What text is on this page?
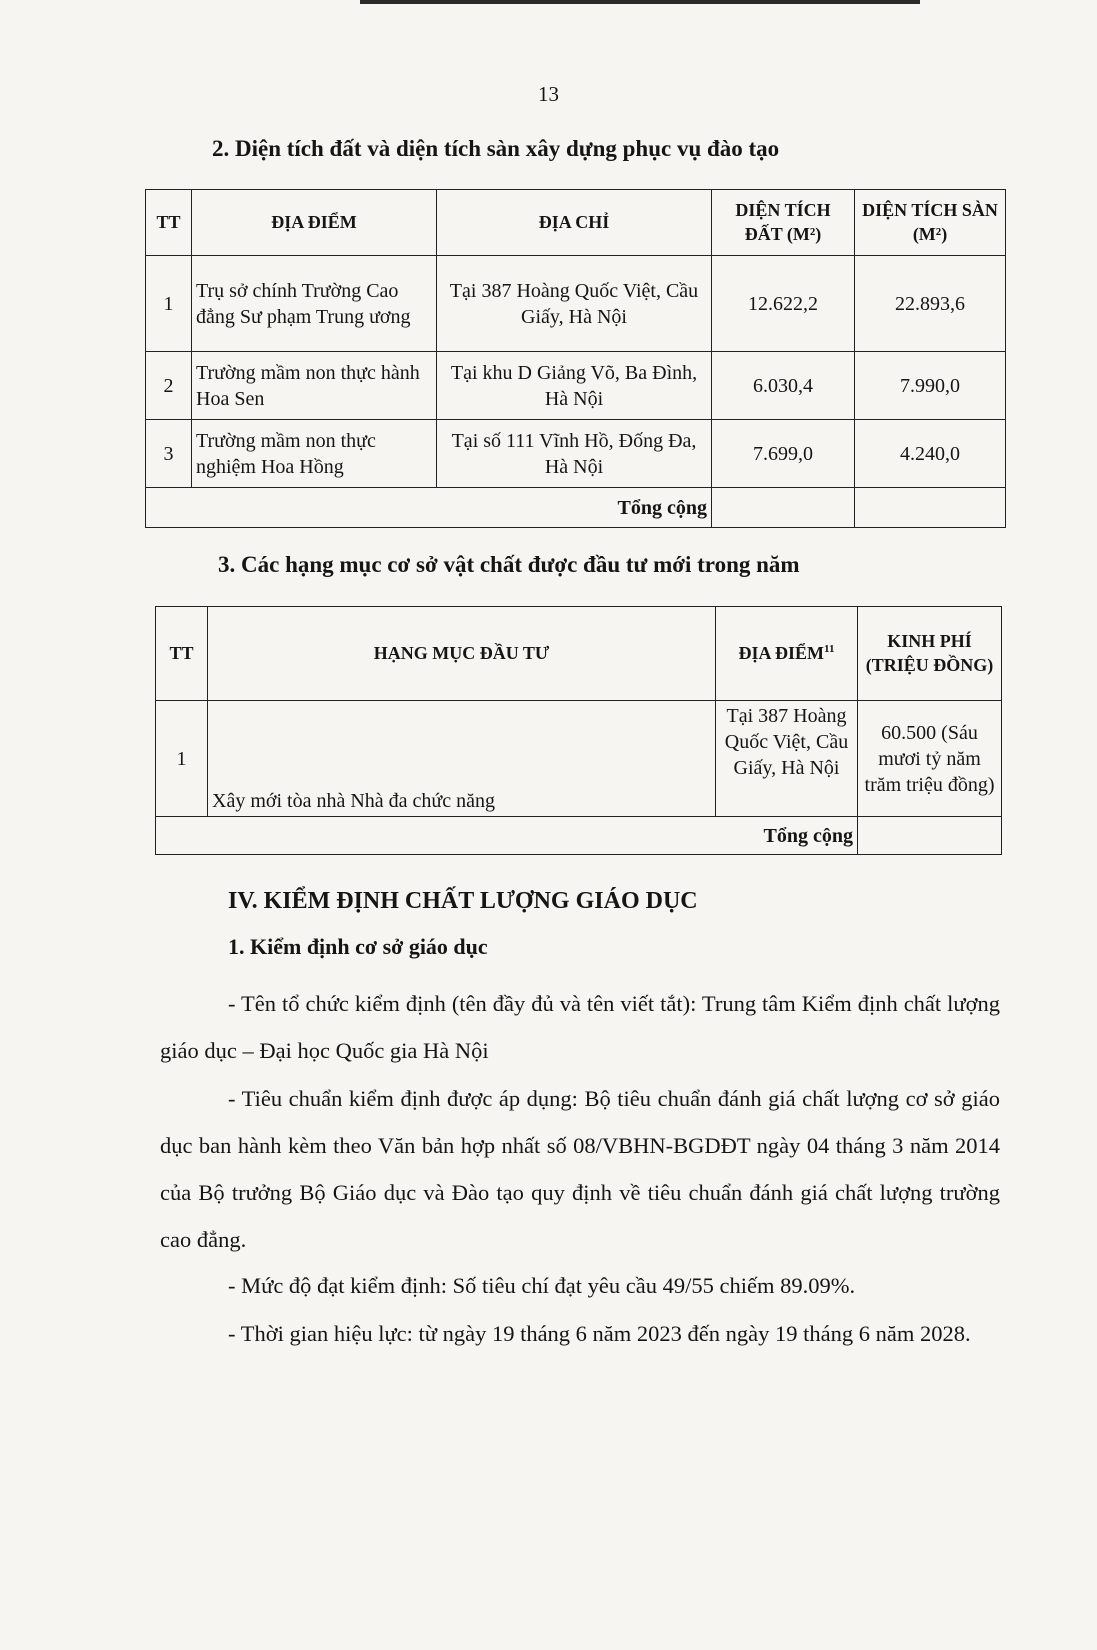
13
2. Diện tích đất và diện tích sàn xây dựng phục vụ đào tạo
TT	ĐỊA ĐIỂM	ĐỊA CHỈ	DIỆN TÍCH ĐẤT (M²)	DIỆN TÍCH SÀN (M²)
1	Trụ sở chính Trường Cao đẳng Sư phạm Trung ương	Tại 387 Hoàng Quốc Việt, Cầu Giấy, Hà Nội	12.622,2	22.893,6
2	Trường mầm non thực hành Hoa Sen	Tại khu D Giảng Võ, Ba Đình, Hà Nội	6.030,4	7.990,0
3	Trường mầm non thực nghiệm Hoa Hồng	Tại số 111 Vĩnh Hồ, Đống Đa, Hà Nội	7.699,0	4.240,0
Tổng cộng				
3. Các hạng mục cơ sở vật chất được đầu tư mới trong năm
TT	HẠNG MỤC ĐẦU TƯ	ĐỊA ĐIỂM$^{11}$	KINH PHÍ (TRIỆU ĐỒNG)
1	Xây mới tòa nhà Nhà đa chức năng	Tại 387 Hoàng Quốc Việt, Cầu Giấy, Hà Nội	60.500 (Sáu mươi tỷ năm trăm triệu đồng)
Tổng cộng			
IV. KIỂM ĐỊNH CHẤT LƯỢNG GIÁO DỤC
1. Kiểm định cơ sở giáo dục
- Tên tổ chức kiểm định (tên đầy đủ và tên viết tắt): Trung tâm Kiểm định chất lượng giáo dục – Đại học Quốc gia Hà Nội
- Tiêu chuẩn kiểm định được áp dụng: Bộ tiêu chuẩn đánh giá chất lượng cơ sở giáo dục ban hành kèm theo Văn bản hợp nhất số 08/VBHN-BGDĐT ngày 04 tháng 3 năm 2014 của Bộ trưởng Bộ Giáo dục và Đào tạo quy định về tiêu chuẩn đánh giá chất lượng trường cao đẳng.
- Mức độ đạt kiểm định: Số tiêu chí đạt yêu cầu 49/55 chiếm 89.09%.
- Thời gian hiệu lực: từ ngày 19 tháng 6 năm 2023 đến ngày 19 tháng 6 năm 2028.
